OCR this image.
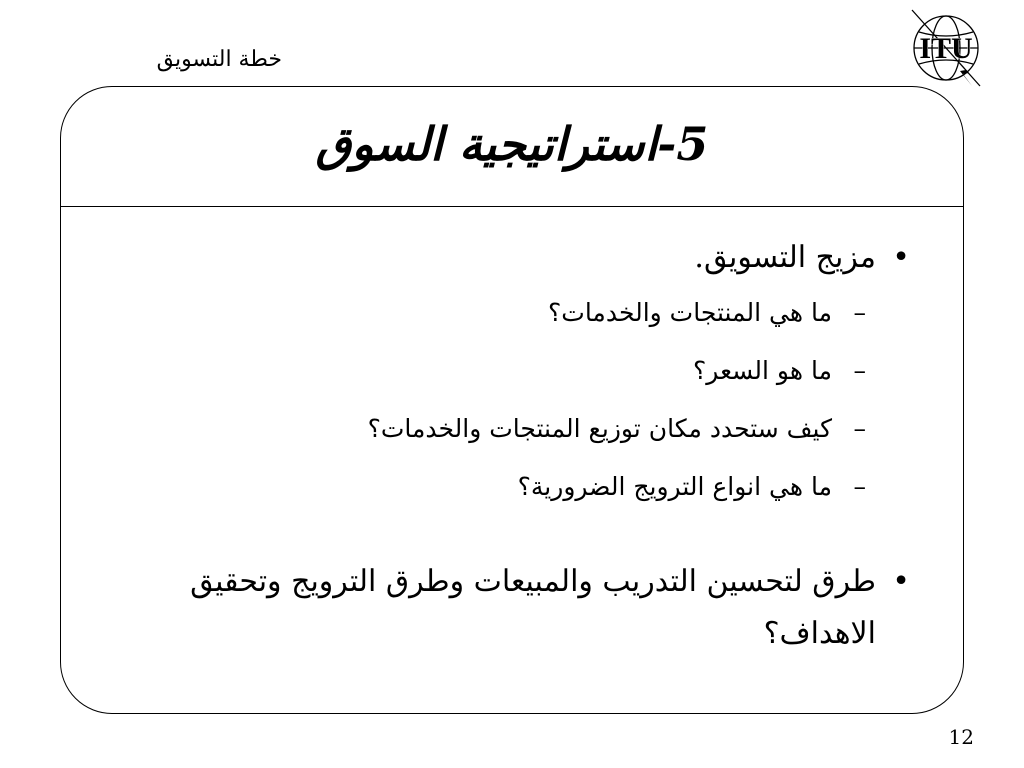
خطة التسويق	ITU
5-استراتيجية السوق
•
مزيج التسويق.
–
ما هي المنتجات والخدمات؟
–
ما هو السعر؟
–
كيف ستحدد مكان توزيع المنتجات والخدمات؟
–
ما هي انواع الترويج الضرورية؟
•
طرق لتحسين التدريب والمبيعات وطرق الترويج وتحقيق الاهداف؟
12
